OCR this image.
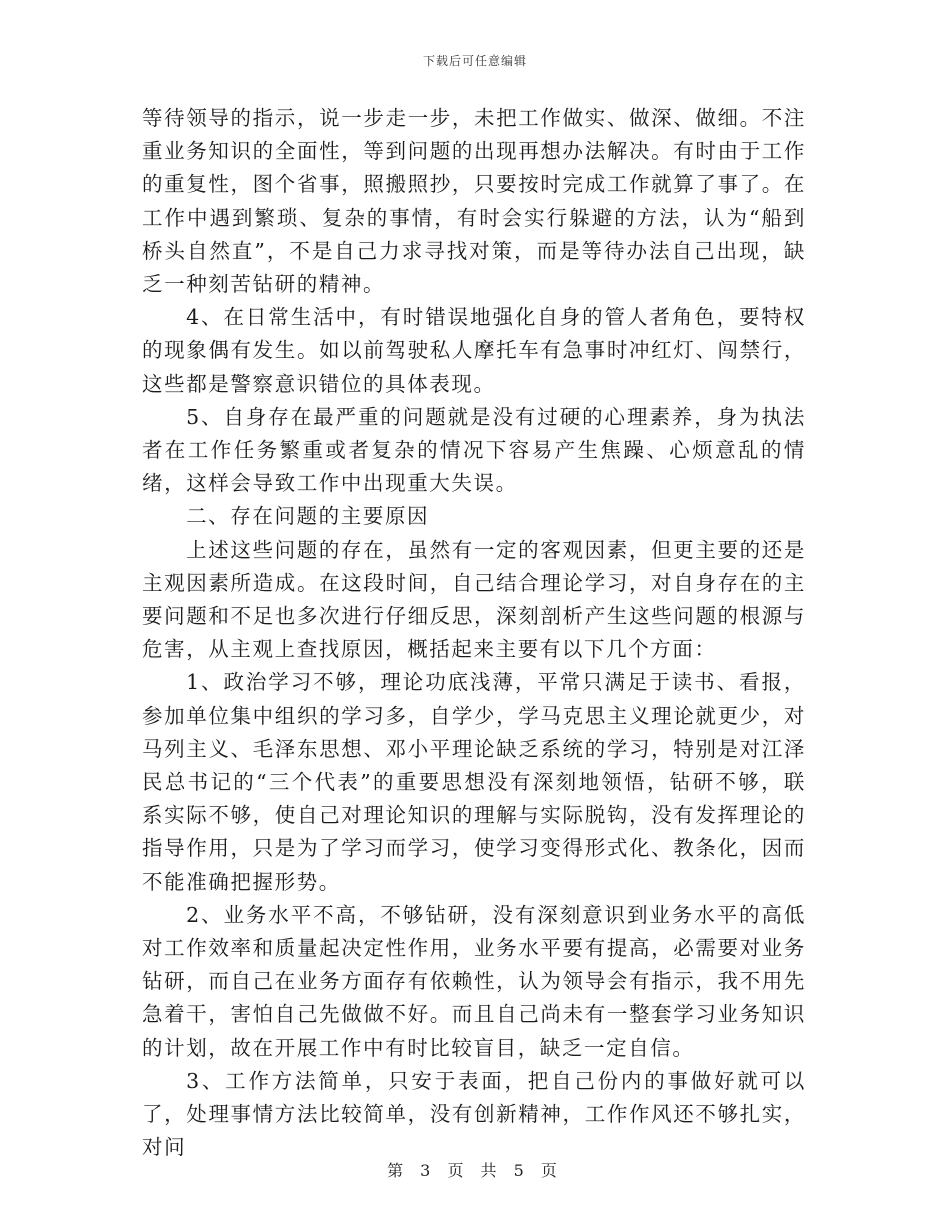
下载后可任意编辑

等待领导的指示，说一步走一步，未把工作做实、做深、做细。不注重业务知识的全面性，等到问题的出现再想办法解决。有时由于工作的重复性，图个省事，照搬照抄，只要按时完成工作就算了事了。在工作中遇到繁琐、复杂的事情，有时会实行躲避的方法，认为“船到桥头自然直”，不是自己力求寻找对策，而是等待办法自己出现，缺乏一种刻苦钻研的精神。

4、在日常生活中，有时错误地强化自身的管人者角色，要特权的现象偶有发生。如以前驾驶私人摩托车有急事时冲红灯、闯禁行，这些都是警察意识错位的具体表现。

5、自身存在最严重的问题就是没有过硬的心理素养，身为执法者在工作任务繁重或者复杂的情况下容易产生焦躁、心烦意乱的情绪，这样会导致工作中出现重大失误。

二、存在问题的主要原因

上述这些问题的存在，虽然有一定的客观因素，但更主要的还是主观因素所造成。在这段时间，自己结合理论学习，对自身存在的主要问题和不足也多次进行仔细反思，深刻剖析产生这些问题的根源与危害，从主观上查找原因，概括起来主要有以下几个方面：

1、政治学习不够，理论功底浅薄，平常只满足于读书、看报，参加单位集中组织的学习多，自学少，学马克思主义理论就更少，对马列主义、毛泽东思想、邓小平理论缺乏系统的学习，特别是对江泽民总书记的“三个代表”的重要思想没有深刻地领悟，钻研不够，联系实际不够，使自己对理论知识的理解与实际脱钩，没有发挥理论的指导作用，只是为了学习而学习，使学习变得形式化、教条化，因而不能准确把握形势。

2、业务水平不高，不够钻研，没有深刻意识到业务水平的高低对工作效率和质量起决定性作用，业务水平要有提高，必需要对业务钻研，而自己在业务方面存有依赖性，认为领导会有指示，我不用先急着干，害怕自己先做做不好。而且自己尚未有一整套学习业务知识的计划，故在开展工作中有时比较盲目，缺乏一定自信。

3、工作方法简单，只安于表面，把自己份内的事做好就可以了，处理事情方法比较简单，没有创新精神，工作作风还不够扎实，对问

第 3 页 共 5 页
